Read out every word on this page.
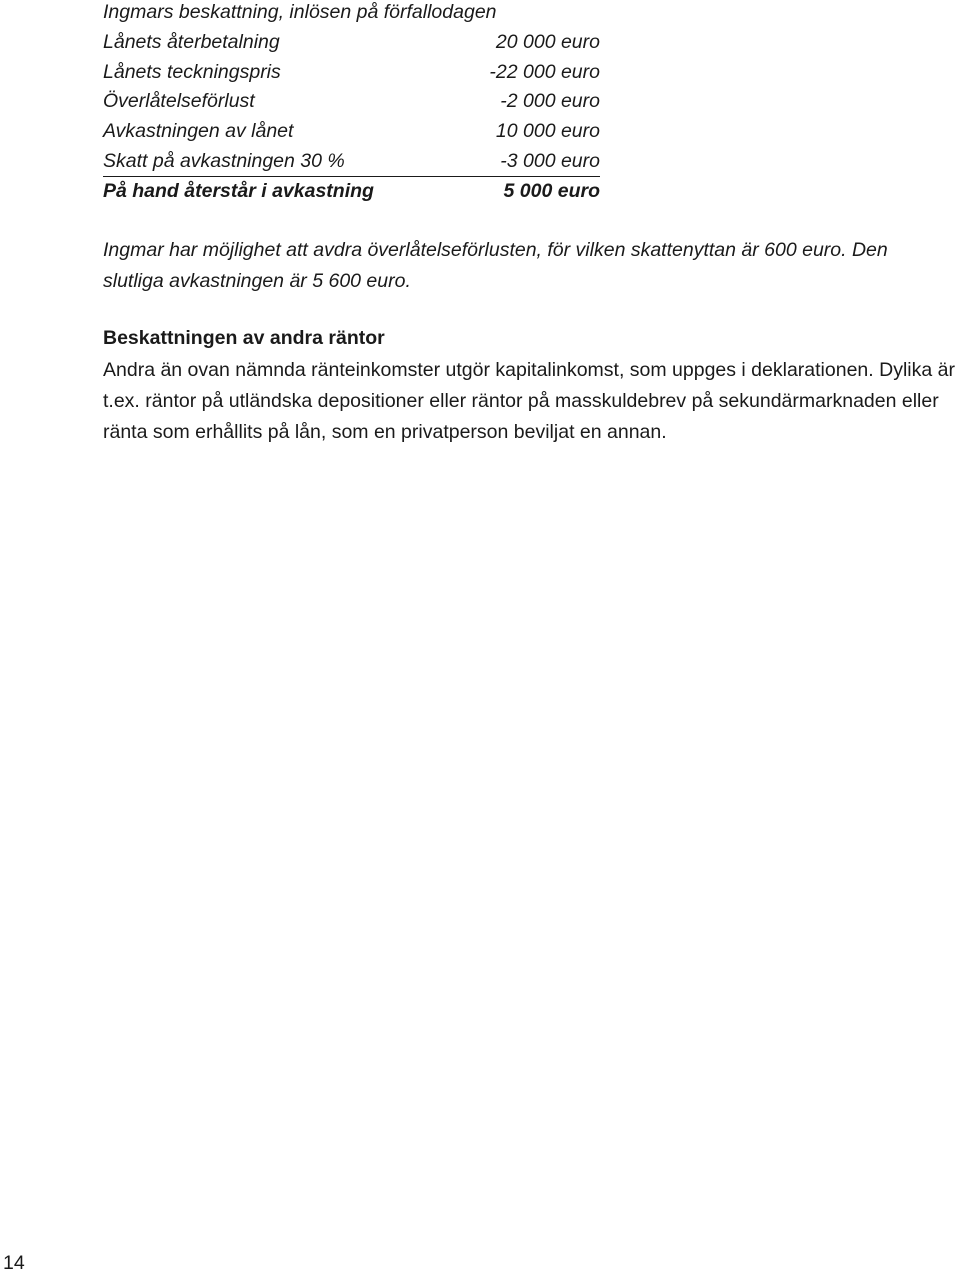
Ingmars beskattning, inlösen på förfallodagen
Lånets återbetalning	20 000 euro
Lånets teckningspris	-22 000 euro
Överlåtelseförlust	-2 000 euro
Avkastningen av lånet	10 000 euro
Skatt på avkastningen 30 %	-3 000 euro
På hand återstår i avkastning	5 000 euro

Ingmar har möjlighet att avdra överlåtelseförlusten, för vilken skattenyttan är 600 euro. Den slutliga avkastningen är 5 600 euro.

Beskattningen av andra räntor

Andra än ovan nämnda ränteinkomster utgör kapitalinkomst, som uppges i deklarationen. Dylika är t.ex. räntor på utländska depositioner eller räntor på masskuldebrev på sekundärmarknaden eller ränta som erhållits på lån, som en privatperson beviljat en annan.

14
